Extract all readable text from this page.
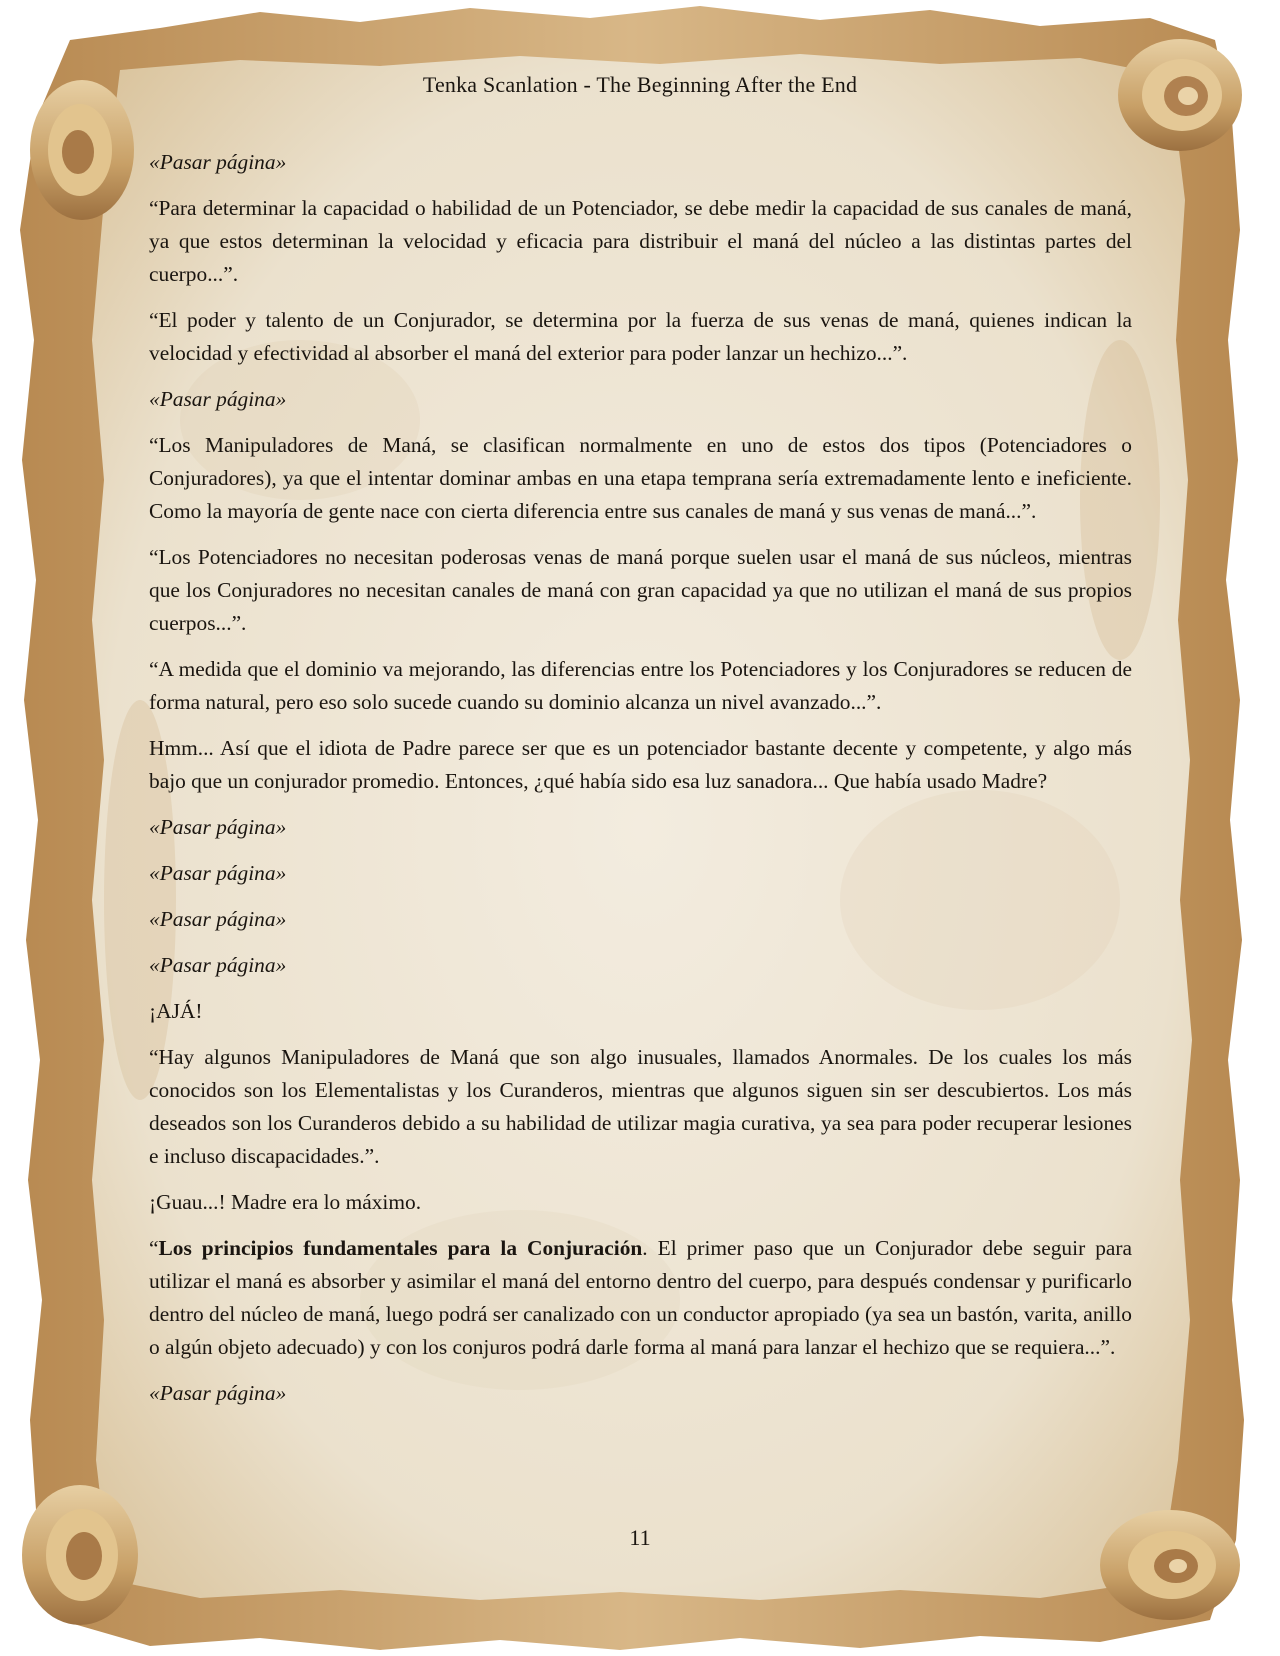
Tenka Scanlation - The Beginning After the End

«Pasar página»

“Para determinar la capacidad o habilidad de un Potenciador, se debe medir la capacidad de sus canales de maná, ya que estos determinan la velocidad y eficacia para distribuir el maná del núcleo a las distintas partes del cuerpo...”.

“El poder y talento de un Conjurador, se determina por la fuerza de sus venas de maná, quienes indican la velocidad y efectividad al absorber el maná del exterior para poder lanzar un hechizo...”.

«Pasar página»

“Los Manipuladores de Maná, se clasifican normalmente en uno de estos dos tipos (Potenciadores o Conjuradores), ya que el intentar dominar ambas en una etapa temprana sería extremadamente lento e ineficiente. Como la mayoría de gente nace con cierta diferencia entre sus canales de maná y sus venas de maná...”.

“Los Potenciadores no necesitan poderosas venas de maná porque suelen usar el maná de sus núcleos, mientras que los Conjuradores no necesitan canales de maná con gran capacidad ya que no utilizan el maná de sus propios cuerpos...”.

“A medida que el dominio va mejorando, las diferencias entre los Potenciadores y los Conjuradores se reducen de forma natural, pero eso solo sucede cuando su dominio alcanza un nivel avanzado...”.

Hmm... Así que el idiota de Padre parece ser que es un potenciador bastante decente y competente, y algo más bajo que un conjurador promedio. Entonces, ¿qué había sido esa luz sanadora... Que había usado Madre?

«Pasar página»

«Pasar página»

«Pasar página»

«Pasar página»

¡AJÁ!

“Hay algunos Manipuladores de Maná que son algo inusuales, llamados Anormales. De los cuales los más conocidos son los Elementalistas y los Curanderos, mientras que algunos siguen sin ser descubiertos. Los más deseados son los Curanderos debido a su habilidad de utilizar magia curativa, ya sea para poder recuperar lesiones e incluso discapacidades.”.

¡Guau...! Madre era lo máximo.

“Los principios fundamentales para la Conjuración. El primer paso que un Conjurador debe seguir para utilizar el maná es absorber y asimilar el maná del entorno dentro del cuerpo, para después condensar y purificarlo dentro del núcleo de maná, luego podrá ser canalizado con un conductor apropiado (ya sea un bastón, varita, anillo o algún objeto adecuado) y con los conjuros podrá darle forma al maná para lanzar el hechizo que se requiera...”.

«Pasar página»

11
